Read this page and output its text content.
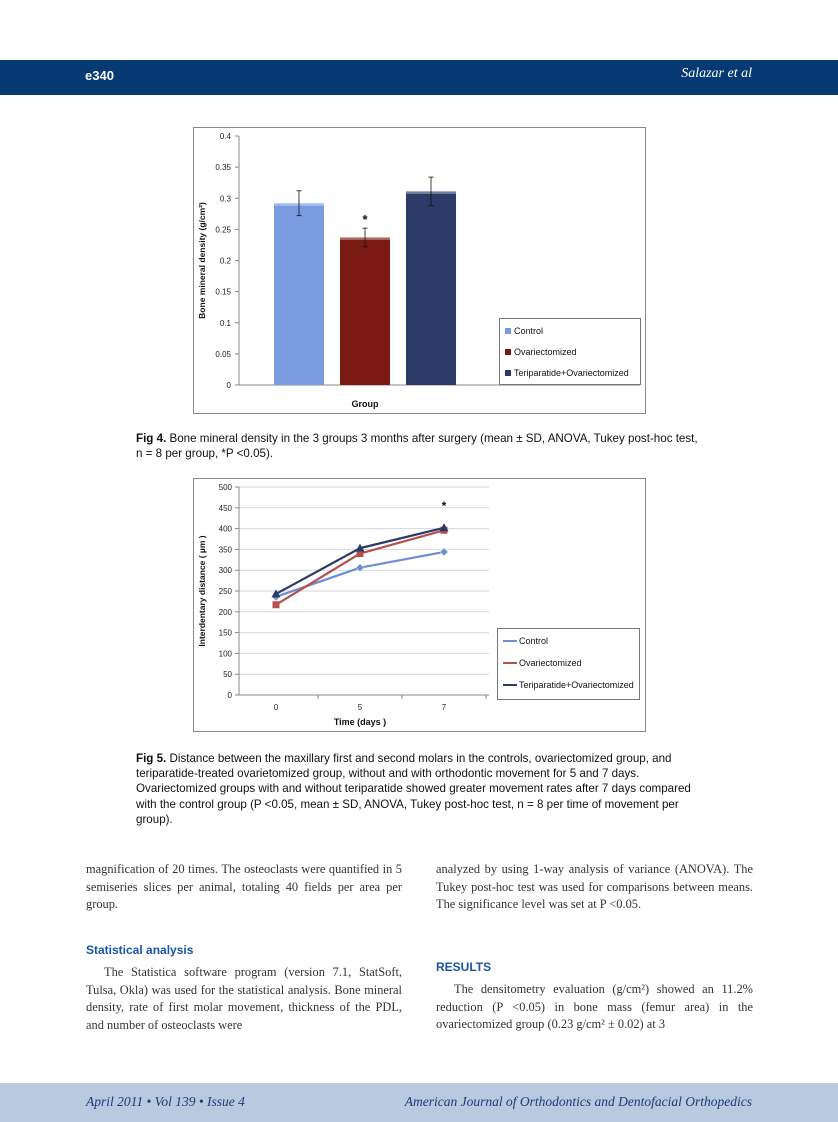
e340	Salazar et al
0
0.05
0.1
0.15
0.2
0.25
0.3
0.35
0.4
*
Group
Bone mineral density (g/cm²)
Control
Ovariectomized
Teriparatide+Ovariectomized
Fig 4. Bone mineral density in the 3 groups 3 months after surgery (mean ± SD, ANOVA, Tukey post-hoc test, n = 8 per group, *P <0.05).
0
50
100
150
200
250
300
350
400
450
500
0	5	7
*
Time (days )
Interdentary distance ( µm )	Control
Ovariectomized
Teriparatide+Ovariectomized
Fig 5. Distance between the maxillary first and second molars in the controls, ovariectomized group, and teriparatide-treated ovarietomized group, without and with orthodontic movement for 5 and 7 days. Ovariectomized groups with and without teriparatide showed greater movement rates after 7 days compared with the control group (P <0.05, mean ± SD, ANOVA, Tukey post-hoc test, n = 8 per time of movement per group).

magnification of 20 times. The osteoclasts were quantified in 5 semiseries slices per animal, totaling 40 fields per area per group.

Statistical analysis

The Statistica software program (version 7.1, StatSoft, Tulsa, Okla) was used for the statistical analysis. Bone mineral density, rate of first molar movement, thickness of the PDL, and number of osteoclasts were

analyzed by using 1-way analysis of variance (ANOVA). The Tukey post-hoc test was used for comparisons between means. The significance level was set at P <0.05.

RESULTS

The densitometry evaluation (g/cm²) showed an 11.2% reduction (P <0.05) in bone mass (femur area) in the ovariectomized group (0.23 g/cm² ± 0.02) at 3

April 2011 • Vol 139 • Issue 4	American Journal of Orthodontics and Dentofacial Orthopedics
